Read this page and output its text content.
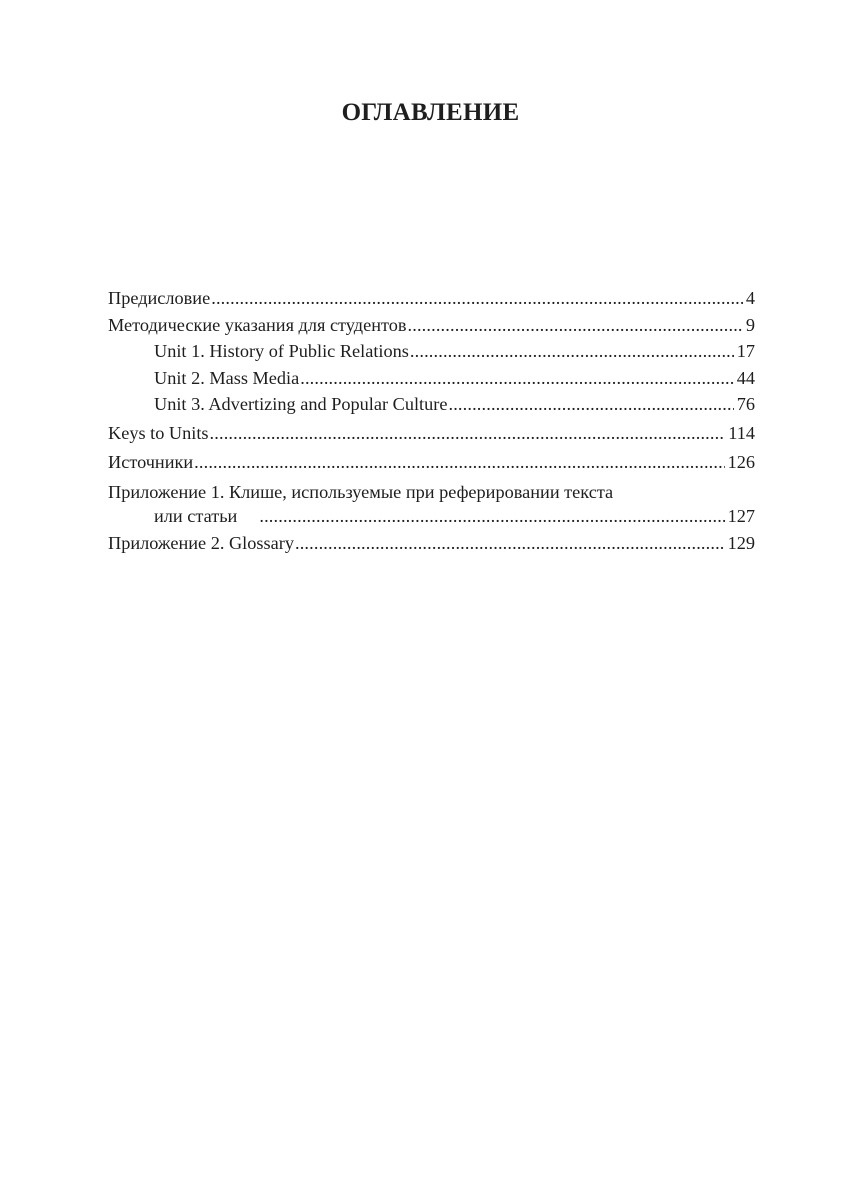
ОГЛАВЛЕНИЕ
Предисловие .....	4
Методические указания для студентов .....	9
Unit 1. History of Public Relations .....	17
Unit 2. Mass Media .....	44
Unit 3. Advertizing and Popular Culture .....	76
Keys to Units .....	114
Источники .....	126
Приложение 1. Клише, используемые при реферировании текста
или статьи .....	127
Приложение 2. Glossary .....	129
